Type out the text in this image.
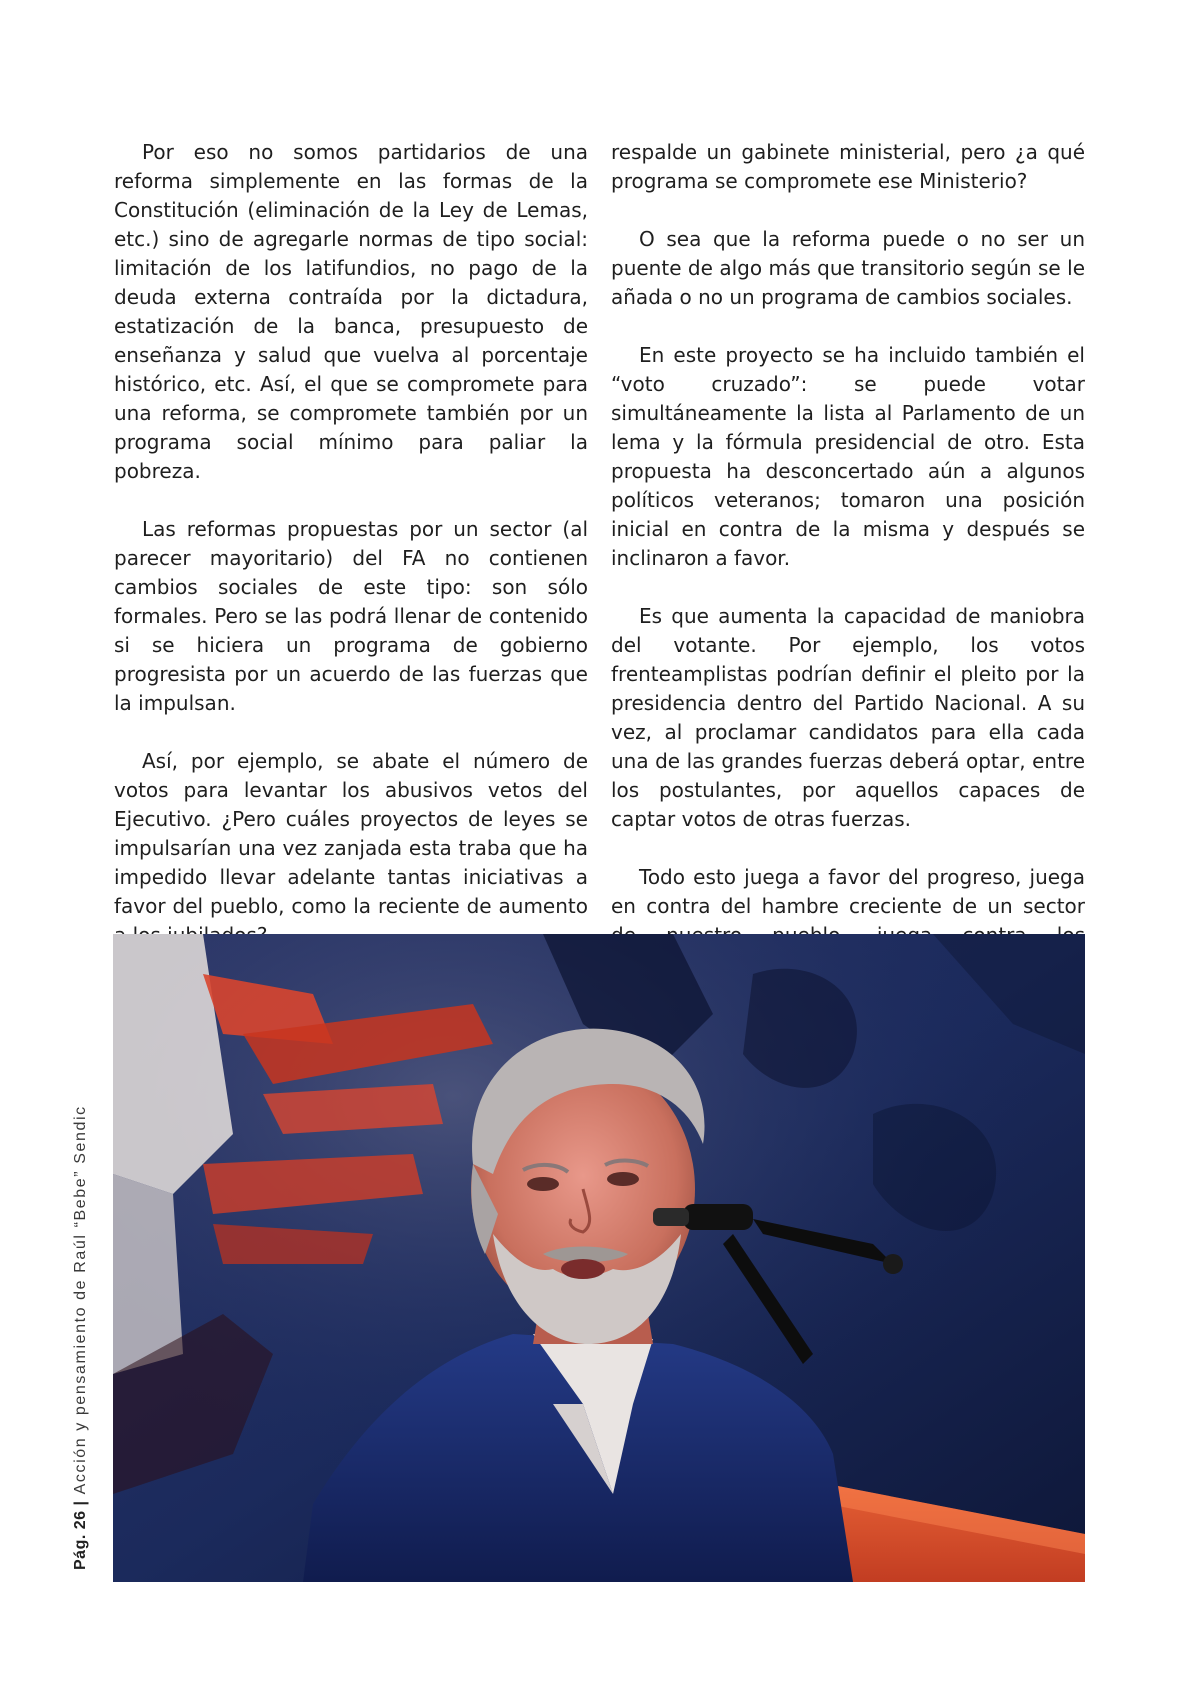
Por eso no somos partidarios de una reforma simplemente en las formas de la Constitución (eliminación de la Ley de Lemas, etc.) sino de agregarle normas de tipo social: limitación de los latifundios, no pago de la deuda externa contraída por la dictadura, estatización de la banca, presupuesto de enseñanza y salud que vuelva al porcentaje histórico, etc. Así, el que se compromete para una reforma, se compromete también por un programa social mínimo para paliar la pobreza.

Las reformas propuestas por un sector (al parecer mayoritario) del FA no contienen cambios sociales de este tipo: son sólo formales. Pero se las podrá llenar de contenido si se hiciera un programa de gobierno progresista por un acuerdo de las fuerzas que la impulsan.

Así, por ejemplo, se abate el número de votos para levantar los abusivos vetos del Ejecutivo. ¿Pero cuáles proyectos de leyes se impulsarían una vez zanjada esta traba que ha impedido llevar adelante tantas iniciativas a favor del pueblo, como la reciente de aumento

respalde un gabinete ministerial, pero ¿a qué programa se compromete ese Ministerio?

O sea que la reforma puede o no ser un puente de algo más que transitorio según se le añada o no un programa de cambios sociales.

En este proyecto se ha incluido también el “voto cruzado”: se puede votar simultáneamente la lista al Parlamento de un lema y la fórmula presidencial de otro. Esta propuesta ha desconcertado aún a algunos políticos veteranos; tomaron una posición inicial en contra de la misma y después se inclinaron a favor.

Es que aumenta la capacidad de maniobra del votante. Por ejemplo, los votos frenteamplistas podrían definir el pleito por la presidencia dentro del Partido Nacional. A su vez, al proclamar candidatos para ella cada una de las grandes fuerzas deberá optar, entre los postulantes, por aquellos capaces de captar votos de otras fuerzas.

Todo esto juega a favor del progreso, juega en contra del hambre creciente de un sector

Pág. 26|Acción y pensamiento de Raúl “Bebe” Sendic
